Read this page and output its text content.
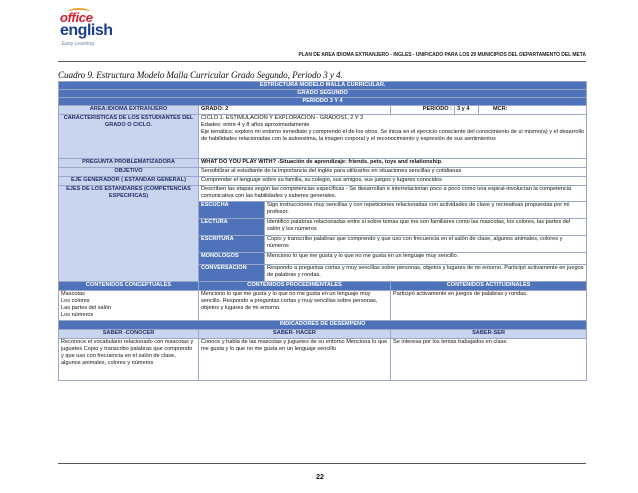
office
english
Easy Learning
PLAN DE AREA IDIOMA EXTRANJERO - INGLES - UNIFICADO PARA LOS 29 MUNICIPIOS DEL DEPARTAMENTO DEL META
Cuadro 9. Estructura Modelo Malla Curricular Grado Segundo, Periodo 3 y 4.
ESTRUCTURA MODELO MALLA CURRICULAR.					
GRADO SEGUNDO					
PERIODO 3 Y 4					
AREA:IDIOMA EXTRANJERO	GRADO: 2		PERIODO :	3 y 4	MCR:
CARACTERISTICAS DE LOS ESTUDIANTES DEL GRADO O CICLO.	CICLO 1. ESTIMULACIÓN Y EXPLORACIÓN - GRADOS1, 2 Y 3
Edades: entre 4 y 8 años aproximadamente
Eje temático: exploro mi entorno inmediato y comprendo el de los otros. Se inicia en el ejercicio consciente del conocimiento de sí mismo(a) y el desarrollo de habilidades relacionadas con la autoestima, la imagen corporal y el reconocimiento y expresión de sus sentimientos				

PREGUNTA PROBLEMATIZADORA	WHAT DO YOU PLAY WITH? -Situación de aprendizaje: friends, pets, toys and relationship.				
OBJETIVO	Sensibilizar al estudiante de la importancia del inglés para utilizarlos en situaciones sencillas y cotidianas				
EJE GENERADOR ( ESTANDAR GENERAL)	Comprender el lenguaje sobre su familia, su colegio, sus amigos, sus juegos y lugares conocidos				
EJES DE LOS ESTANDARES (COMPETENCIAS ESPECIFICAS)	Describen las etapas según las competencias específicas - Se desarrollan e interrelacionan poco a poco como una espiral-involucran la competencia comunicativa con las habilidades y saberes generales.				
	ESCUCHA	Sigo instrucciones muy sencillas y con repeticiones relacionadas con actividades de clase y recreativas propuestas por mi profesor.			
	LECTURA	Identifico palabras relacionadas entre sí sobre temas que me son familiares como las mascotas, los colores, las partes del salón y los números			
	ESCRITURA	Copio y transcribo palabras que comprendo y que uso con frecuencia en el salón de clase, algunos animales, colores y números			
	MONOLOGOS	Menciono lo que me gusta y lo que no me gusta en un lenguaje muy sencillo.			
	CONVERSACIÓN	Respondo a preguntas cortas y muy sencillas sobre personas, objetos y lugares de mi entorno. Participó activamente en juegos de palabras y rondas.			
CONTENIDOS CONCEPTUALES	CONTENIDOS PROCEDIMENTALES		CONTENIDOS ACTITUDINALES		

Mascotas
Los colores
Las partes del salón
Los números	Menciono lo que me gusta y lo que no me gusta en un lenguaje muy sencillo. Respondo a preguntas cortas y muy sencillas sobre personas, objetos y lugares de mi entorno.		Participó activamente en juegos de palabras y rondas.		
INDICADORES DE DESEMPEÑO					
SABER -CONOCER	SABER- HACER		SABER-SER		
Reconoce el vocabulario relacionado con mascotas y juguetes Copio y transcribo palabras que comprendo y que uso con frecuencia en el salón de clase, algunos animales, colores y números	Conoce y habla de las mascotas y juguetes de su entorno Menciona lo que me gusta y lo que no me gusta en un lenguaje sencillo		Se interesa por los temas trabajados en clase.		
22
